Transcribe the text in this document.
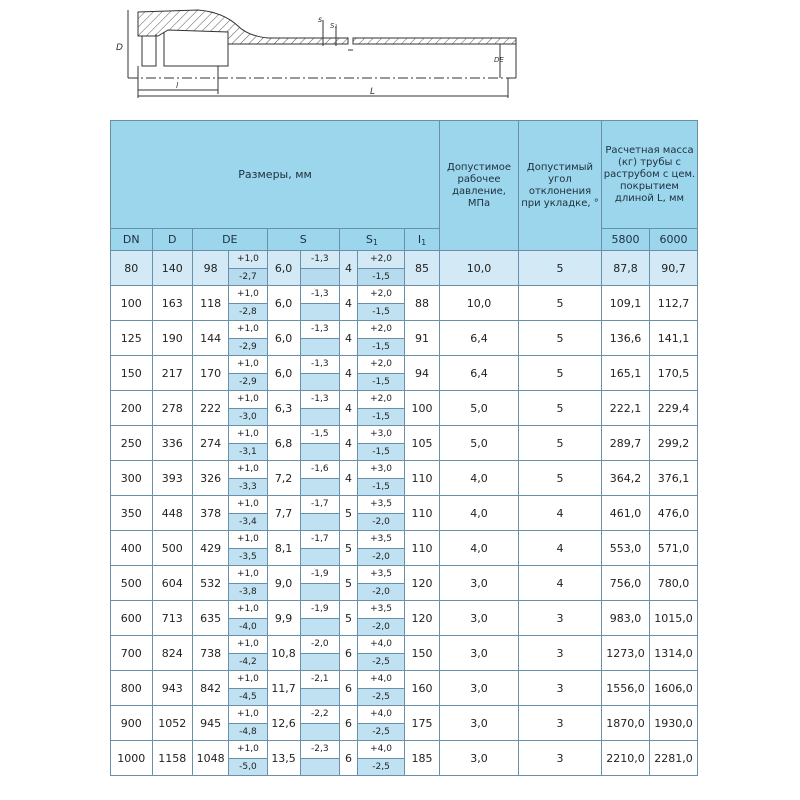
D
s
S₁
DE
l
L
Размеры, мм									Допустимое рабочее давление, МПа	Допустимый угол отклонения при укладке, °	Расчетная масса (кг) трубы с раструбом с цем. покрытием длиной L, мм	
DN	D	DE		S		S1		I1			5800	6000
80	140	98	+1,0	6,0	-1,3	4	+2,0	85	10,0	5	87,8	90,7
			-2,7				-1,5					
100	163	118	+1,0	6,0	-1,3	4	+2,0	88	10,0	5	109,1	112,7
			-2,8				-1,5					
125	190	144	+1,0	6,0	-1,3	4	+2,0	91	6,4	5	136,6	141,1
			-2,9				-1,5					
150	217	170	+1,0	6,0	-1,3	4	+2,0	94	6,4	5	165,1	170,5
			-2,9				-1,5					
200	278	222	+1,0	6,3	-1,3	4	+2,0	100	5,0	5	222,1	229,4
			-3,0				-1,5					
250	336	274	+1,0	6,8	-1,5	4	+3,0	105	5,0	5	289,7	299,2
			-3,1				-1,5					
300	393	326	+1,0	7,2	-1,6	4	+3,0	110	4,0	5	364,2	376,1
			-3,3				-1,5					
350	448	378	+1,0	7,7	-1,7	5	+3,5	110	4,0	4	461,0	476,0
			-3,4				-2,0					
400	500	429	+1,0	8,1	-1,7	5	+3,5	110	4,0	4	553,0	571,0
			-3,5				-2,0					
500	604	532	+1,0	9,0	-1,9	5	+3,5	120	3,0	4	756,0	780,0
			-3,8				-2,0					
600	713	635	+1,0	9,9	-1,9	5	+3,5	120	3,0	3	983,0	1015,0
			-4,0				-2,0					
700	824	738	+1,0	10,8	-2,0	6	+4,0	150	3,0	3	1273,0	1314,0
			-4,2				-2,5					
800	943	842	+1,0	11,7	-2,1	6	+4,0	160	3,0	3	1556,0	1606,0
			-4,5				-2,5					
900	1052	945	+1,0	12,6	-2,2	6	+4,0	175	3,0	3	1870,0	1930,0
			-4,8				-2,5					
1000	1158	1048	+1,0	13,5	-2,3	6	+4,0	185	3,0	3	2210,0	2281,0
			-5,0				-2,5					
